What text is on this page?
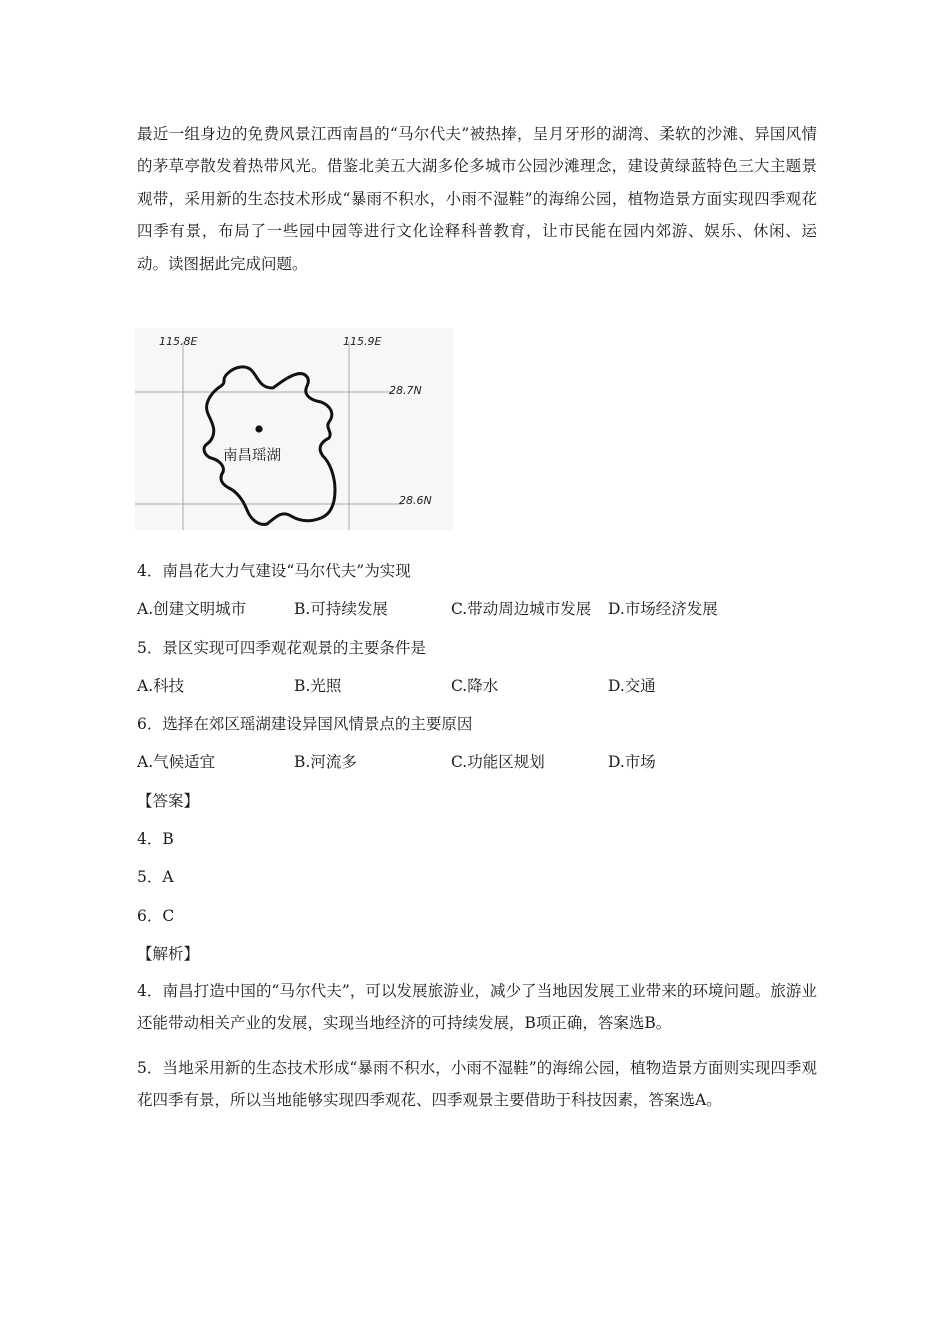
最近一组身边的免费风景江西南昌的“马尔代夫”被热捧，呈月牙形的湖湾、柔软的沙滩、异国风情的茅草亭散发着热带风光。借鉴北美五大湖多伦多城市公园沙滩理念，建设黄绿蓝特色三大主题景观带，采用新的生态技术形成“暴雨不积水，小雨不湿鞋”的海绵公园，植物造景方面实现四季观花四季有景，布局了一些园中园等进行文化诠释科普教育，让市民能在园内郊游、娱乐、休闲、运动。读图据此完成问题。

115.8E	115.9E
28.7N
28.6N
南昌瑶湖
4．南昌花大力气建设“马尔代夫”为实现
A.创建文明城市	B.可持续发展	C.带动周边城市发展 D.市场经济发展
5．景区实现可四季观花观景的主要条件是
A.科技	B.光照	C.降水	D.交通
6．选择在郊区瑶湖建设异国风情景点的主要原因
A.气候适宜	B.河流多	C.功能区规划	D.市场
【答案】
4．B
5．A
6．C
【解析】

4．南昌打造中国的“马尔代夫”，可以发展旅游业，减少了当地因发展工业带来的环境问题。旅游业还能带动相关产业的发展，实现当地经济的可持续发展，B项正确，答案选B。

5．当地采用新的生态技术形成“暴雨不积水，小雨不湿鞋”的海绵公园，植物造景方面则实现四季观花四季有景，所以当地能够实现四季观花、四季观景主要借助于科技因素，答案选A。
